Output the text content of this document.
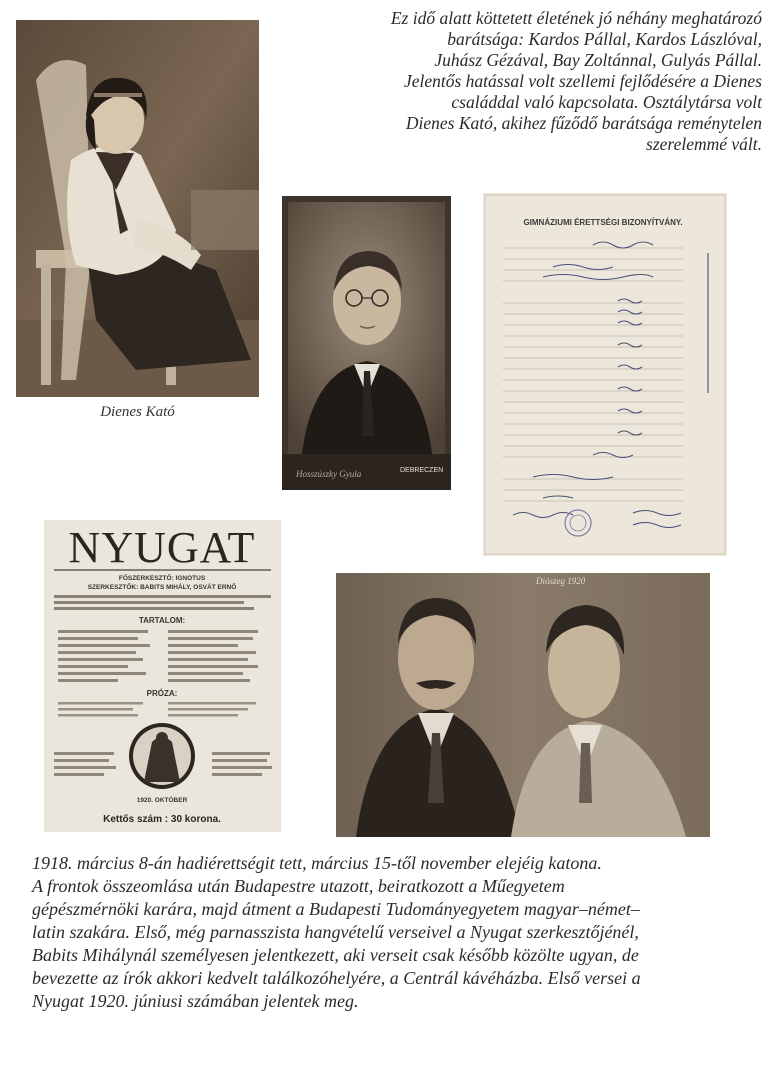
Ez idő alatt köttetett életének jó néhány meghatározó
barátsága: Kardos Pállal, Kardos Lászlóval,
Juhász Gézával, Bay Zoltánnal, Gulyás Pállal.
Jelentős hatással volt szellemi fejlődésére a Dienes
családdal való kapcsolata. Osztálytársa volt
Dienes Kató, akihez fűződő barátsága reménytelen
szerelemmé vált.
Dienes Kató
Hosszúszky Gyula	DEBRECZEN
GIMNÁZIUMI ÉRETTSÉGI BIZONYÍTVÁNY.
NYUGAT
FŐSZERKESZTŐ: IGNOTUS
SZERKESZTŐK: BABITS MIHÁLY, OSVÁT ERNŐ
TARTALOM:
PRÓZA:
1920. OKTÓBER
Kettős szám : 30 korona.
Diószeg 1920
1918. március 8-án hadiérettségit tett, március 15-től november elejéig katona.
A frontok összeomlása után Budapestre utazott, beiratkozott a Műegyetem
gépészmérnöki karára, majd átment a Budapesti Tudományegyetem magyar–német–
latin szakára. Első, még parnasszista hangvételű verseivel a Nyugat szerkesztőjénél,
Babits Mihálynál személyesen jelentkezett, aki verseit csak később közölte ugyan, de
bevezette az írók akkori kedvelt találkozóhelyére, a Centrál kávéházba. Első versei a
Nyugat 1920. júniusi számában jelentek meg.
